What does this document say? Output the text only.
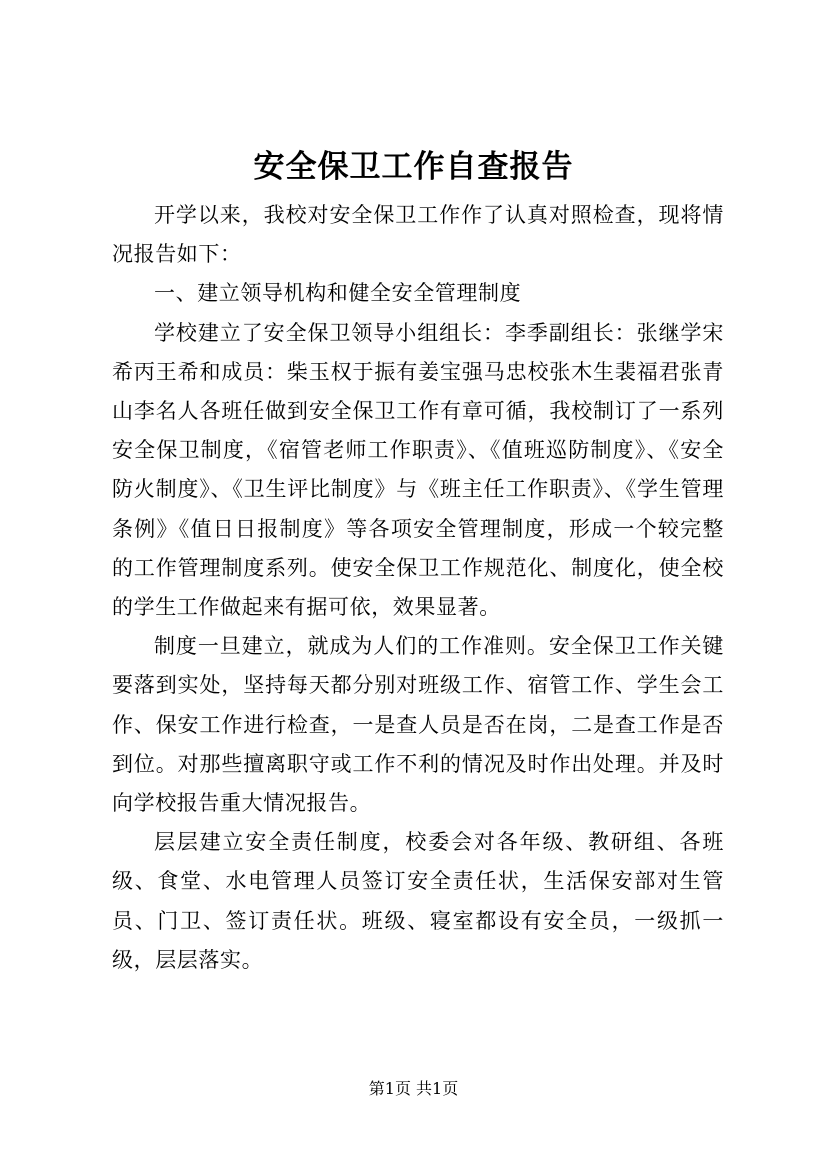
安全保卫工作自查报告

开学以来，我校对安全保卫工作作了认真对照检查，现将情况报告如下：

一、建立领导机构和健全安全管理制度

学校建立了安全保卫领导小组组长：李季副组长：张继学宋希丙王希和成员：柴玉权于振有姜宝强马忠校张木生裴福君张青山李名人各班任做到安全保卫工作有章可循，我校制订了一系列安全保卫制度，《宿管老师工作职责》、《值班巡防制度》、《安全防火制度》、《卫生评比制度》与《班主任工作职责》、《学生管理条例》《值日日报制度》等各项安全管理制度，形成一个较完整的工作管理制度系列。使安全保卫工作规范化、制度化，使全校的学生工作做起来有据可依，效果显著。

制度一旦建立，就成为人们的工作准则。安全保卫工作关键要落到实处，坚持每天都分别对班级工作、宿管工作、学生会工作、保安工作进行检查，一是查人员是否在岗，二是查工作是否到位。对那些擅离职守或工作不利的情况及时作出处理。并及时向学校报告重大情况报告。

层层建立安全责任制度，校委会对各年级、教研组、各班级、食堂、水电管理人员签订安全责任状，生活保安部对生管员、门卫、签订责任状。班级、寝室都设有安全员，一级抓一级，层层落实。

第1页 共1页
